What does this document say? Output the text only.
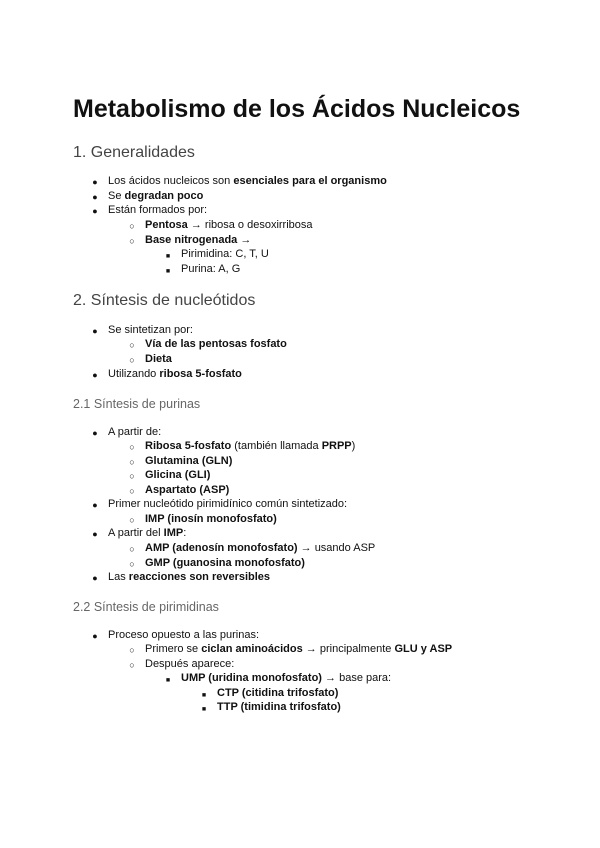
Metabolismo de los Ácidos Nucleicos
1. Generalidades
● Los ácidos nucleicos son esenciales para el organismo
● Se degradan poco
● Están formados por:
○ Pentosa → ribosa o desoxirribosa
○ Base nitrogenada →
■ Pirimidina: C, T, U
■ Purina: A, G
2. Síntesis de nucleótidos
● Se sintetizan por:
○ Vía de las pentosas fosfato
○ Dieta
● Utilizando ribosa 5-fosfato
2.1 Síntesis de purinas
● A partir de:
○ Ribosa 5-fosfato (también llamada PRPP)
○ Glutamina (GLN)
○ Glicina (GLI)
○ Aspartato (ASP)
● Primer nucleótido pirimidínico común sintetizado:
○ IMP (inosín monofosfato)
● A partir del IMP:
○ AMP (adenosín monofosfato) → usando ASP
○ GMP (guanosina monofosfato)
● Las reacciones son reversibles
2.2 Síntesis de pirimidinas
● Proceso opuesto a las purinas:
○ Primero se ciclan aminoácidos → principalmente GLU y ASP
○ Después aparece:
■ UMP (uridina monofosfato) → base para:
■ CTP (citidina trifosfato)
■ TTP (timidina trifosfato)
